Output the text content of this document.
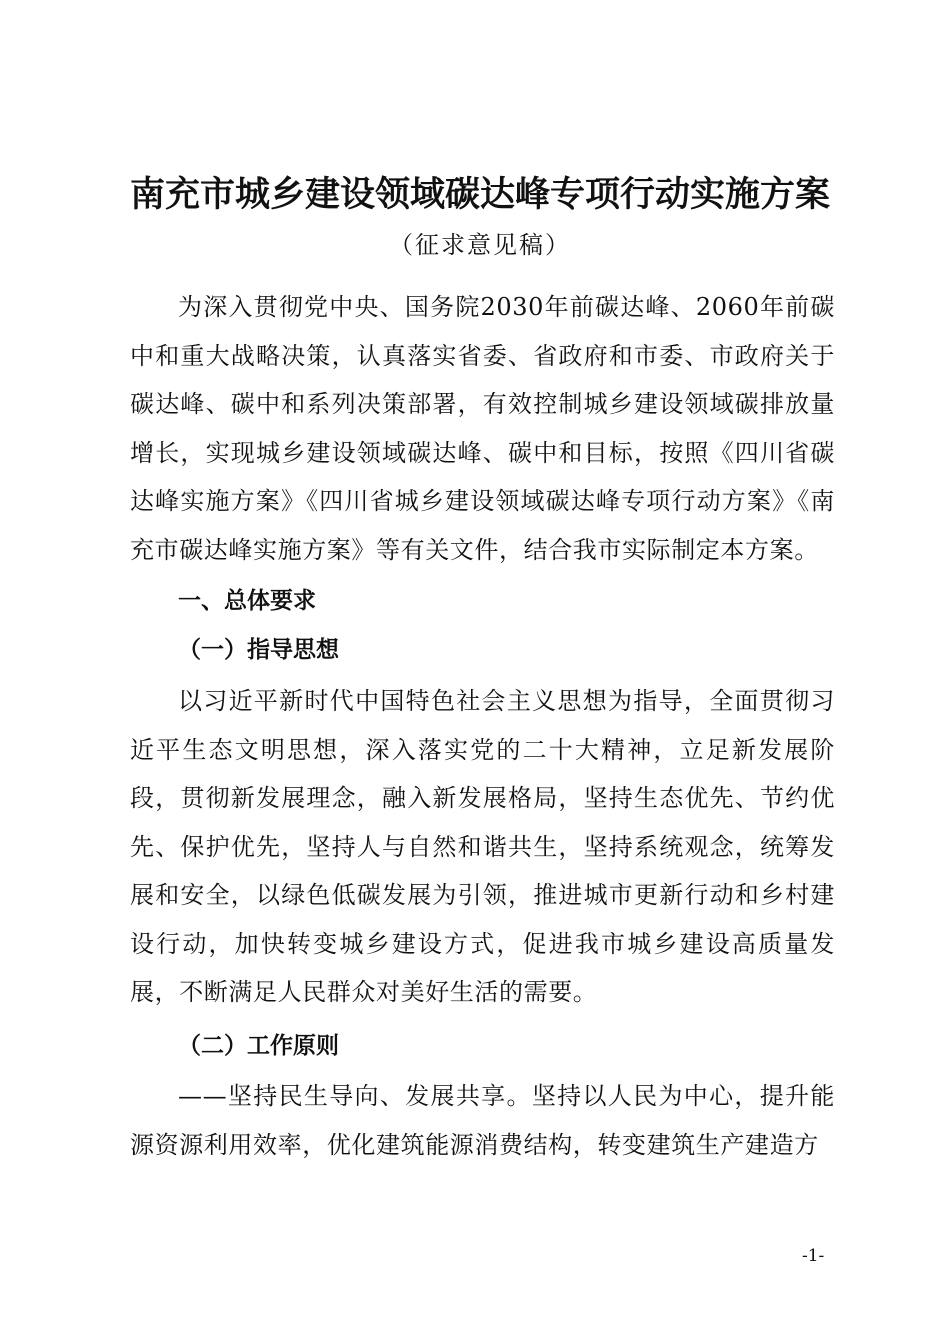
南充市城乡建设领域碳达峰专项行动实施方案
（征求意见稿）
为深入贯彻党中央、国务院2030年前碳达峰、2060年前碳中和重大战略决策，认真落实省委、省政府和市委、市政府关于碳达峰、碳中和系列决策部署，有效控制城乡建设领域碳排放量增长，实现城乡建设领域碳达峰、碳中和目标，按照《四川省碳达峰实施方案》《四川省城乡建设领域碳达峰专项行动方案》《南充市碳达峰实施方案》等有关文件，结合我市实际制定本方案。
一、总体要求
（一）指导思想
以习近平新时代中国特色社会主义思想为指导，全面贯彻习近平生态文明思想，深入落实党的二十大精神，立足新发展阶段，贯彻新发展理念，融入新发展格局，坚持生态优先、节约优先、保护优先，坚持人与自然和谐共生，坚持系统观念，统筹发展和安全，以绿色低碳发展为引领，推进城市更新行动和乡村建设行动，加快转变城乡建设方式，促进我市城乡建设高质量发展，不断满足人民群众对美好生活的需要。
（二）工作原则
——坚持民生导向、发展共享。坚持以人民为中心，提升能源资源利用效率，优化建筑能源消费结构，转变建筑生产建造方
-1-
